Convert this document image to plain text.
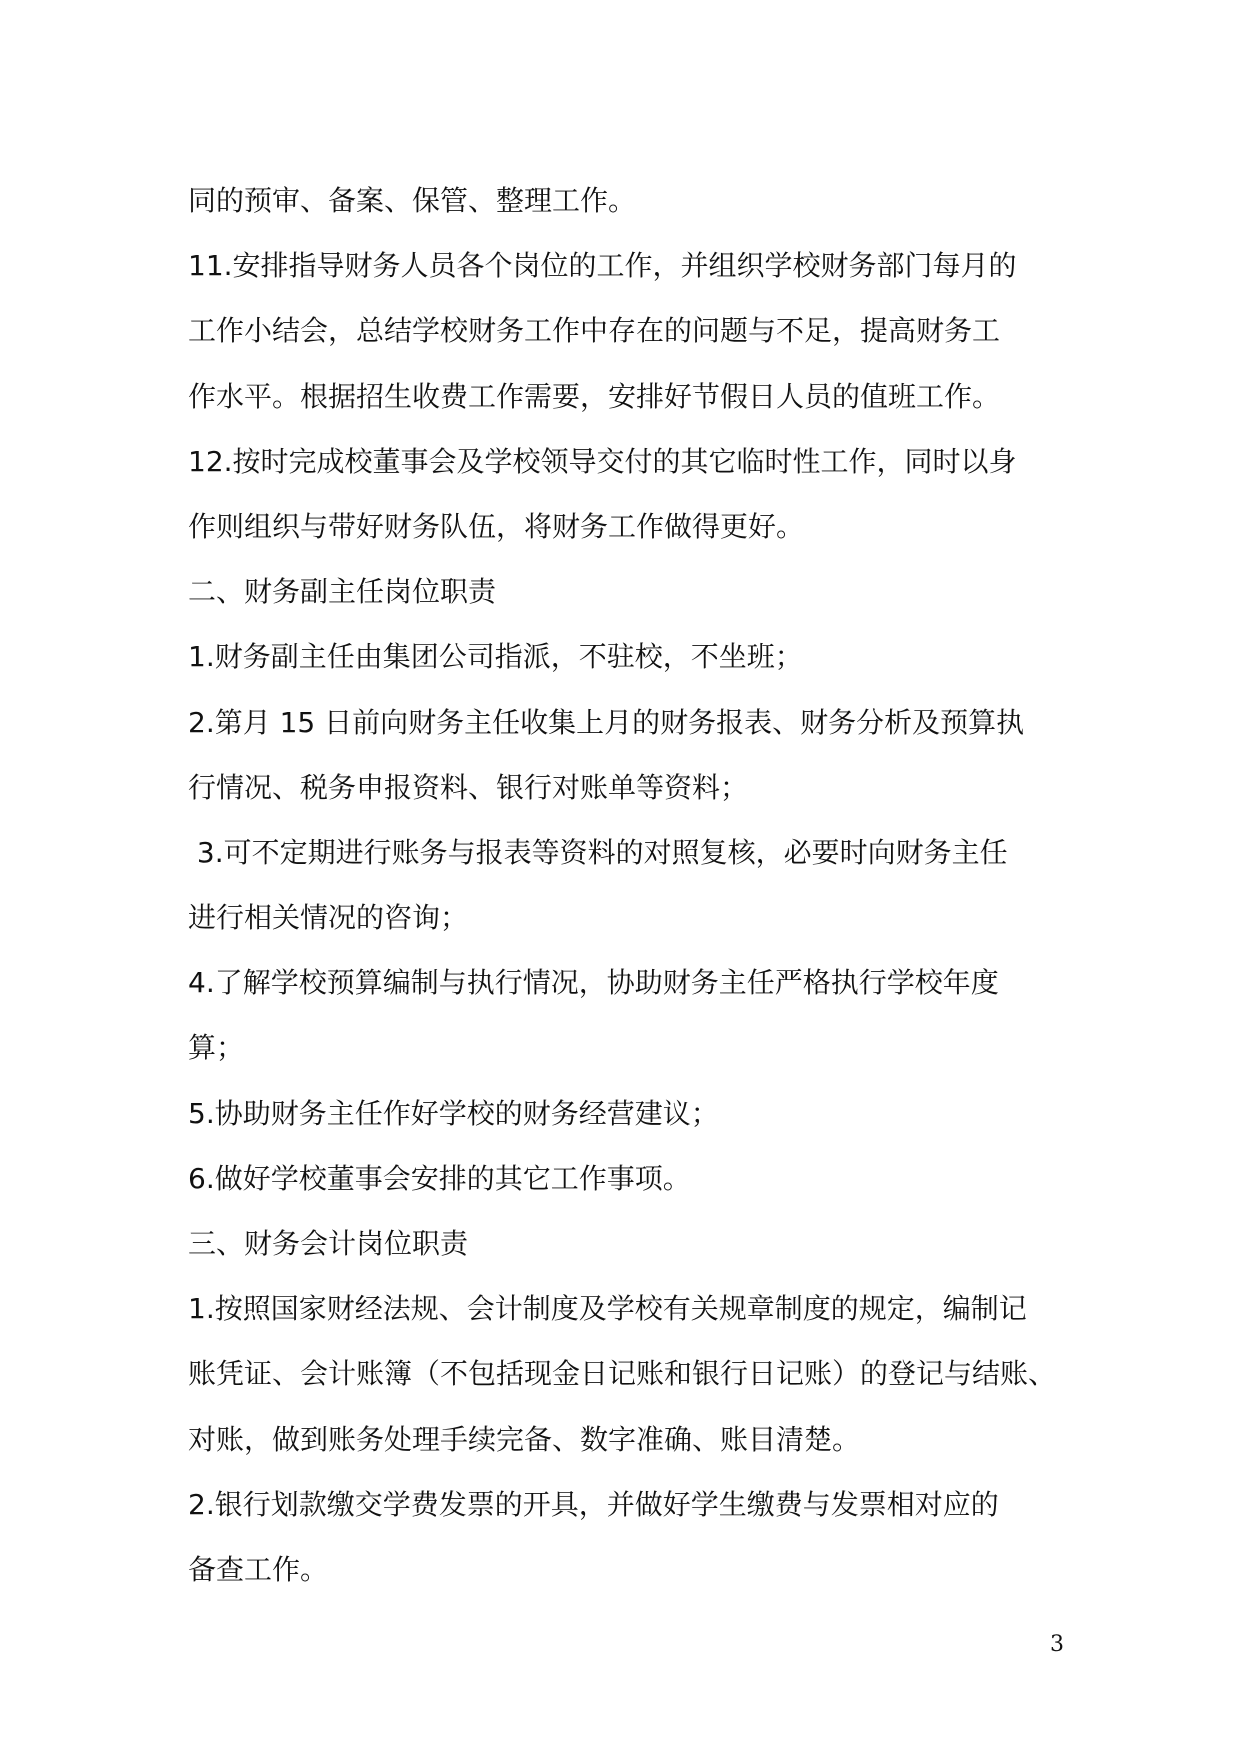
同的预审、备案、保管、整理工作。
11.安排指导财务人员各个岗位的工作，并组织学校财务部门每月的
工作小结会，总结学校财务工作中存在的问题与不足，提高财务工
作水平。根据招生收费工作需要，安排好节假日人员的值班工作。
12.按时完成校董事会及学校领导交付的其它临时性工作，同时以身
作则组织与带好财务队伍，将财务工作做得更好。
二、财务副主任岗位职责
1.财务副主任由集团公司指派，不驻校，不坐班；
2.第月 15 日前向财务主任收集上月的财务报表、财务分析及预算执
行情况、税务申报资料、银行对账单等资料；
3.可不定期进行账务与报表等资料的对照复核，必要时向财务主任
进行相关情况的咨询；
4.了解学校预算编制与执行情况，协助财务主任严格执行学校年度
算；
5.协助财务主任作好学校的财务经营建议；
6.做好学校董事会安排的其它工作事项。
三、财务会计岗位职责
1.按照国家财经法规、会计制度及学校有关规章制度的规定，编制记
账凭证、会计账簿（不包括现金日记账和银行日记账）的登记与结账、
对账，做到账务处理手续完备、数字准确、账目清楚。
2.银行划款缴交学费发票的开具，并做好学生缴费与发票相对应的
备查工作。
3
